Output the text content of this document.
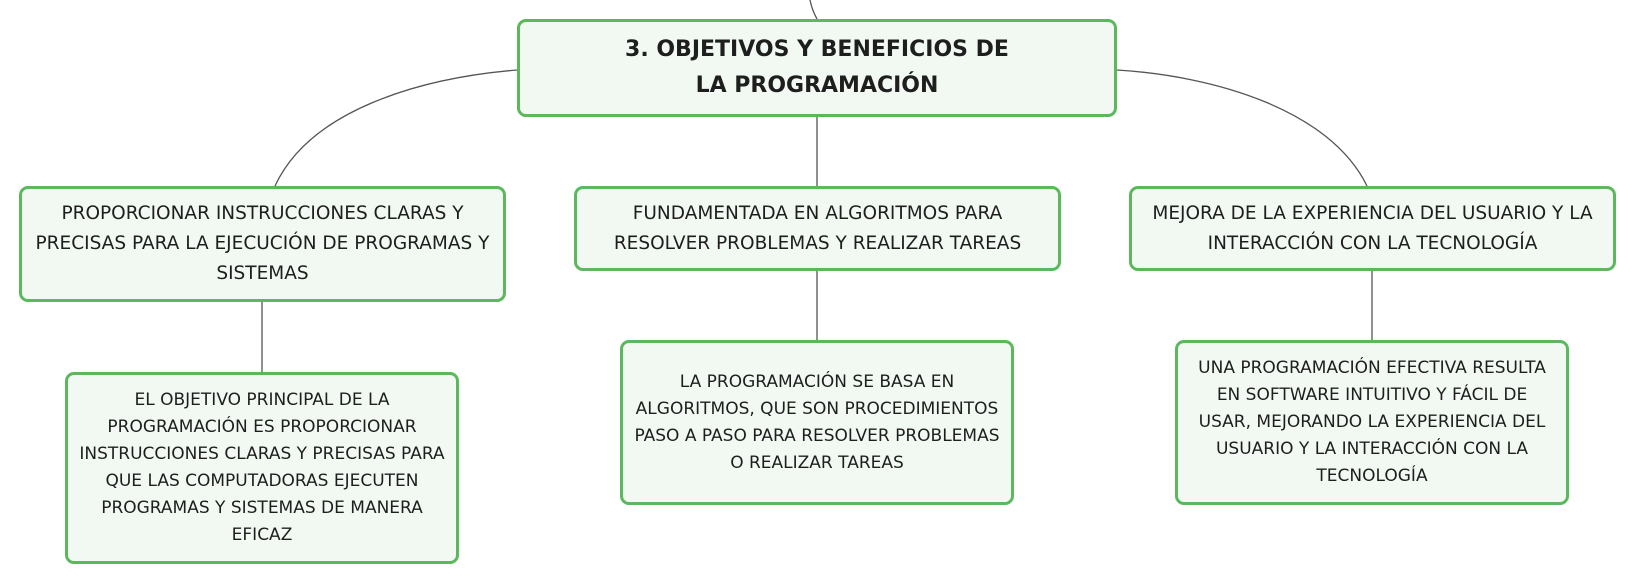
3. OBJETIVOS Y BENEFICIOS DE LA PROGRAMACIÓN
PROPORCIONAR INSTRUCCIONES CLARAS Y PRECISAS PARA LA EJECUCIÓN DE PROGRAMAS Y SISTEMAS
FUNDAMENTADA EN ALGORITMOS PARA RESOLVER PROBLEMAS Y REALIZAR TAREAS
MEJORA DE LA EXPERIENCIA DEL USUARIO Y LA INTERACCIÓN CON LA TECNOLOGÍA
EL OBJETIVO PRINCIPAL DE LA PROGRAMACIÓN ES PROPORCIONAR INSTRUCCIONES CLARAS Y PRECISAS PARA QUE LAS COMPUTADORAS EJECUTEN PROGRAMAS Y SISTEMAS DE MANERA EFICAZ
LA PROGRAMACIÓN SE BASA EN ALGORITMOS, QUE SON PROCEDIMIENTOS PASO A PASO PARA RESOLVER PROBLEMAS O REALIZAR TAREAS
UNA PROGRAMACIÓN EFECTIVA RESULTA EN SOFTWARE INTUITIVO Y FÁCIL DE USAR, MEJORANDO LA EXPERIENCIA DEL USUARIO Y LA INTERACCIÓN CON LA TECNOLOGÍA
